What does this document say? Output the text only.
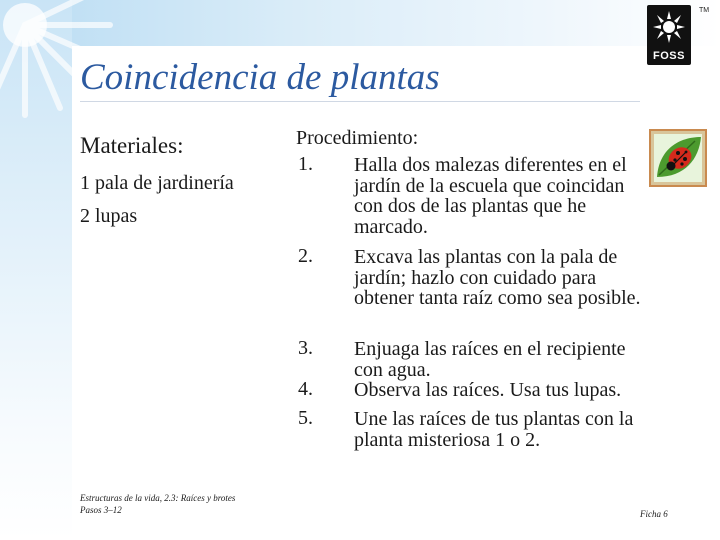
TM
FOSS
Coincidencia de plantas
Materiales:
1 pala de jardinería
2 lupas
Procedimiento:
1. Halla dos malezas diferentes en el jardín de la escuela que coincidan con dos de las plantas que he marcado.
2. Excava las plantas con la pala de jardín; hazlo con cuidado para obtener tanta raíz como sea posible.
3. Enjuaga las raíces en el recipiente con agua.
4. Observa las raíces. Usa tus lupas.
5. Une las raíces de tus plantas con la planta misteriosa 1 o 2.
Estructuras de la vida, 2.3: Raíces y brotes
Pasos 3–12	Ficha 6
